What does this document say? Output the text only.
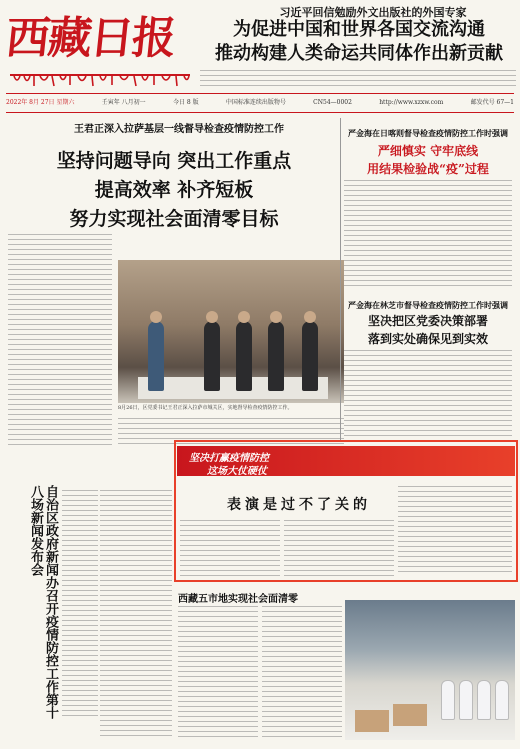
西藏日报
习近平回信勉励外文出版社的外国专家
为促进中国和世界各国交流沟通
推动构建人类命运共同体作出新贡献
2022年 8月 27日 星期六	壬寅年 八月初一	今日 8 版	中国标准连续出版物号	CN54—0002	http://www.xzxw.com	邮发代号 67—1
王君正深入拉萨基层一线督导检查疫情防控工作
坚持问题导向 突出工作重点
提高效率 补齐短板
努力实现社会面清零目标
8月26日，区党委书记王君正深入拉萨市城关区，实地督导检查疫情防控工作。
严金海在日喀则督导检查疫情防控工作时强调
严细慎实 守牢底线
用结果检验战“疫”过程
严金海在林芝市督导检查疫情防控工作时强调
坚决把区党委决策部署
落到实处确保见到实效
自治区政府新闻办召开疫情防控工作第十八场新闻发布会
坚决打赢疫情防控
这场大仗硬仗
表演是过不了关的
西藏五市地实现社会面清零
